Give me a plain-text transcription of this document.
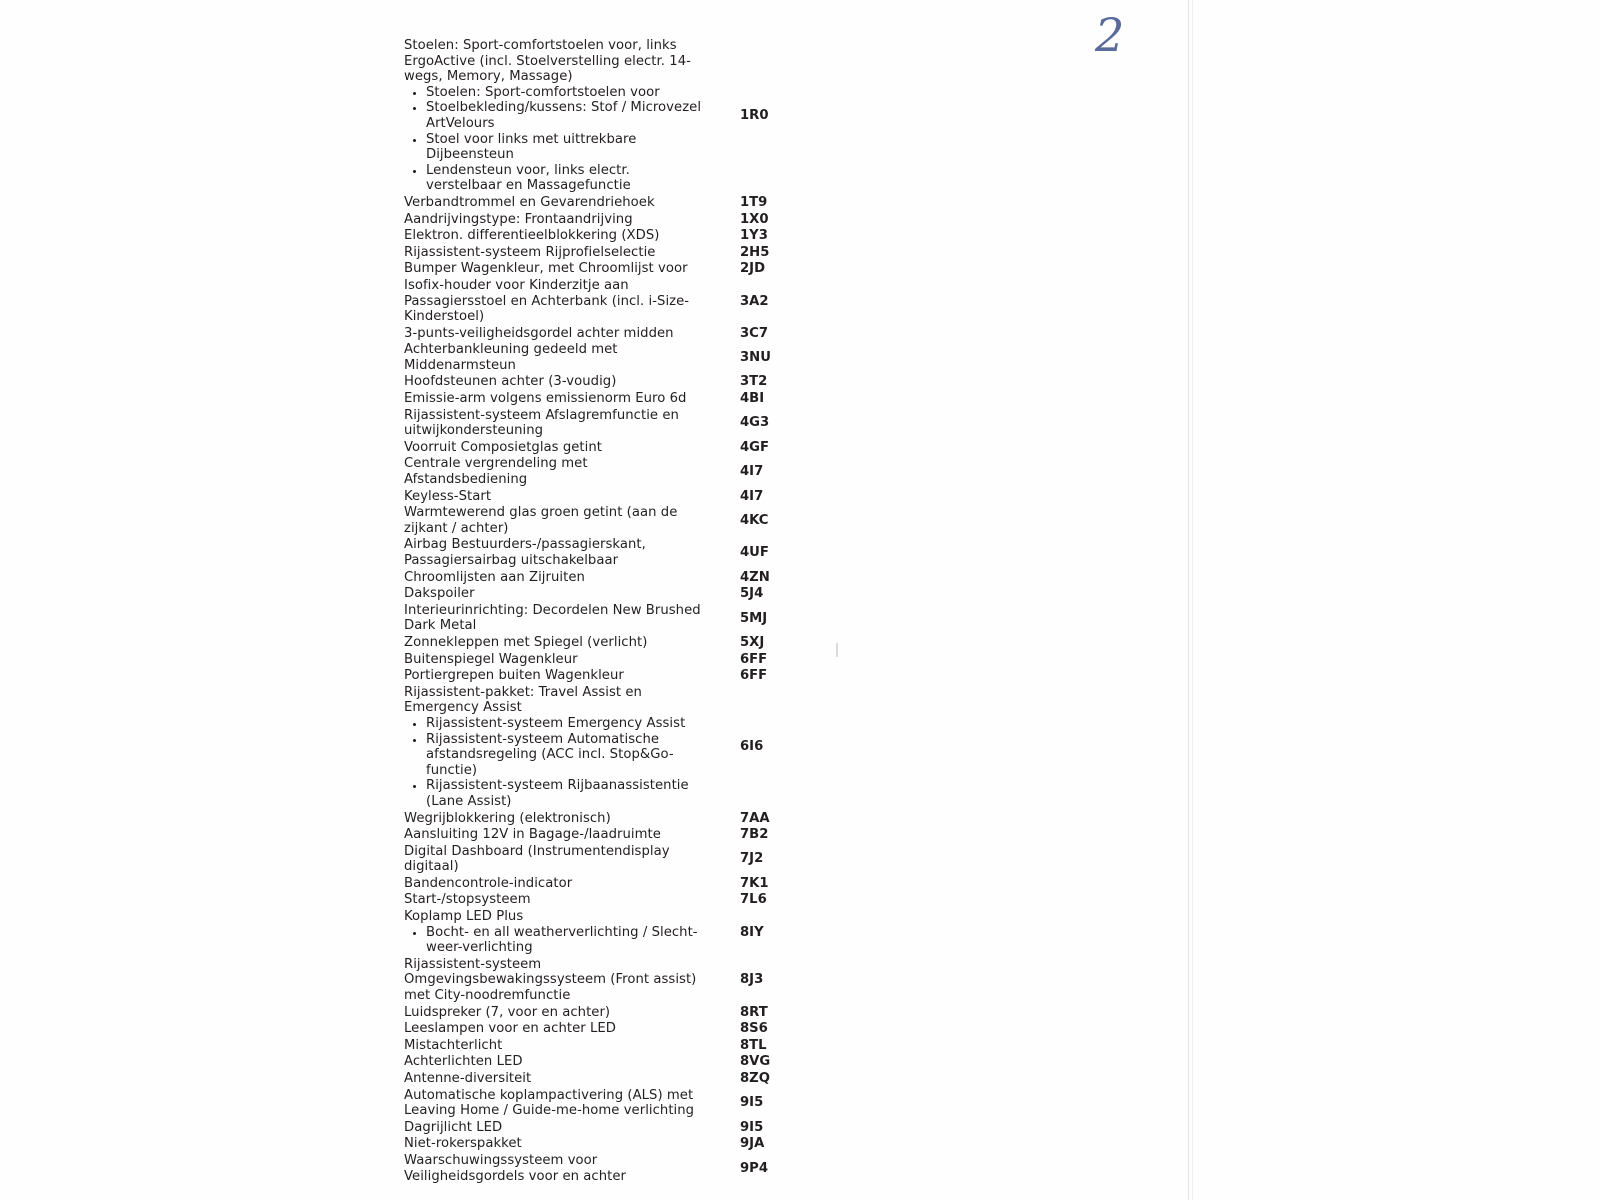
2
Stoelen: Sport-comfortstoelen voor, links ErgoActive (incl. Stoelverstelling electr. 14-wegs, Memory, Massage)
• Stoelen: Sport-comfortstoelen voor
• Stoelbekleding/kussens: Stof / Microvezel ArtVelours
• Stoel voor links met uittrekbare Dijbeensteun
• Lendensteun voor, links electr. verstelbaar en Massagefunctie
	1R0	

Verbandtrommel en Gevarendriehoek	1T9	

Aandrijvingstype: Frontaandrijving	1X0	

Elektron. differentieelblokkering (XDS)	1Y3	

Rijassistent-systeem Rijprofielselectie	2H5	

Bumper Wagenkleur, met Chroomlijst voor	2JD	

Isofix-houder voor Kinderzitje aan Passagiersstoel en Achterbank (incl. i-Size-Kinderstoel)	3A2	

3-punts-veiligheidsgordel achter midden	3C7	

Achterbankleuning gedeeld met Middenarmsteun	3NU	

Hoofdsteunen achter (3-voudig)	3T2	

Emissie-arm volgens emissienorm Euro 6d	4BI	

Rijassistent-systeem Afslagremfunctie en uitwijkondersteuning	4G3	

Voorruit Composietglas getint	4GF	

Centrale vergrendeling met Afstandsbediening	4I7	

Keyless-Start	4I7	

Warmtewerend glas groen getint (aan de zijkant / achter)	4KC	

Airbag Bestuurders-/passagierskant, Passagiersairbag uitschakelbaar	4UF	

Chroomlijsten aan Zijruiten	4ZN	

Dakspoiler	5J4	

Interieurinrichting: Decordelen New Brushed Dark Metal	5MJ	

Zonnekleppen met Spiegel (verlicht)	5XJ	

Buitenspiegel Wagenkleur	6FF	

Portiergrepen buiten Wagenkleur	6FF	

Rijassistent-pakket: Travel Assist en Emergency Assist
• Rijassistent-systeem Emergency Assist
• Rijassistent-systeem Automatische afstandsregeling (ACC incl. Stop&Go-functie)
• Rijassistent-systeem Rijbaanassistentie (Lane Assist)
	6I6	

Wegrijblokkering (elektronisch)	7AA	

Aansluiting 12V in Bagage-/laadruimte	7B2	

Digital Dashboard (Instrumentendisplay digitaal)	7J2	

Bandencontrole-indicator	7K1	

Start-/stopsysteem	7L6	

Koplamp LED Plus
• Bocht- en all weatherverlichting / Slecht-weer-verlichting
	8IY	

Rijassistent-systeem Omgevingsbewakingssysteem (Front assist) met City-noodremfunctie	8J3	

Luidspreker (7, voor en achter)	8RT	

Leeslampen voor en achter LED	8S6	

Mistachterlicht	8TL	

Achterlichten LED	8VG	

Antenne-diversiteit	8ZQ	

Automatische koplampactivering (ALS) met Leaving Home / Guide-me-home verlichting	9I5	

Dagrijlicht LED	9I5	

Niet-rokerspakket	9JA	

Waarschuwingssysteem voor Veiligheidsgordels voor en achter	9P4	
